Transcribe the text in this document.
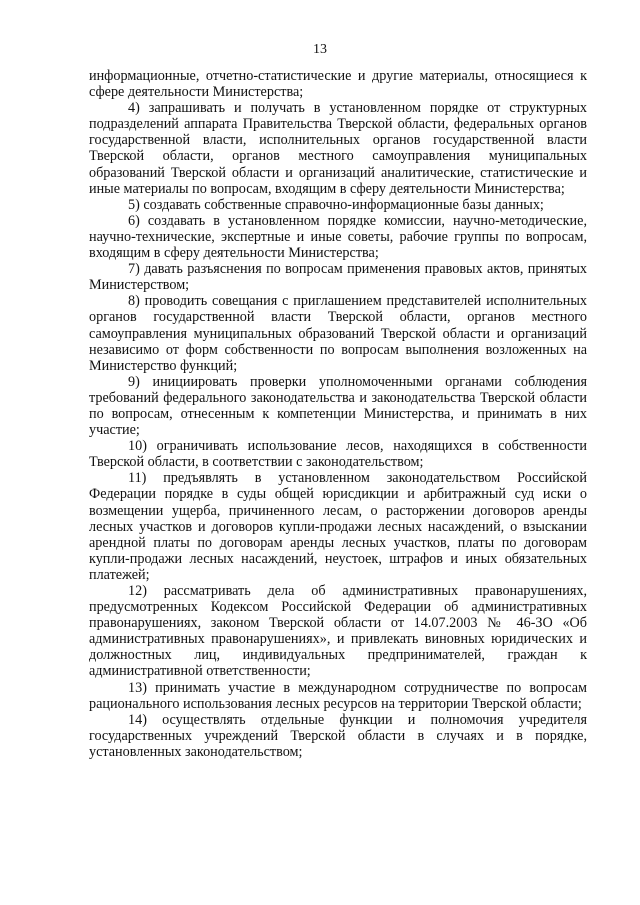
13

информационные, отчетно-статистические и другие материалы, относящиеся к сфере деятельности Министерства;

4) запрашивать и получать в установленном порядке от структурных подразделений аппарата Правительства Тверской области, федеральных органов государственной власти, исполнительных органов государственной власти Тверской области, органов местного самоуправления муниципальных образований Тверской области и организаций аналитические, статистические и иные материалы по вопросам, входящим в сферу деятельности Министерства;

5) создавать собственные справочно-информационные базы данных;

6) создавать в установленном порядке комиссии, научно-методические, научно-технические, экспертные и иные советы, рабочие группы по вопросам, входящим в сферу деятельности Министерства;

7) давать разъяснения по вопросам применения правовых актов, принятых Министерством;

8) проводить совещания с приглашением представителей исполнительных органов государственной власти Тверской области, органов местного самоуправления муниципальных образований Тверской области и организаций независимо от форм собственности по вопросам выполнения возложенных на Министерство функций;

9) инициировать проверки уполномоченными органами соблюдения требований федерального законодательства и законодательства Тверской области по вопросам, отнесенным к компетенции Министерства, и принимать в них участие;

10) ограничивать использование лесов, находящихся в собственности Тверской области, в соответствии с законодательством;

11) предъявлять в установленном законодательством Российской Федерации порядке в суды общей юрисдикции и арбитражный суд иски о возмещении ущерба, причиненного лесам, о расторжении договоров аренды лесных участков и договоров купли-продажи лесных насаждений, о взыскании арендной платы по договорам аренды лесных участков, платы по договорам купли-продажи лесных насаждений, неустоек, штрафов и иных обязательных платежей;

12) рассматривать дела об административных правонарушениях, предусмотренных Кодексом Российской Федерации об административных правонарушениях, законом Тверской области от 14.07.2003 № 46-ЗО «Об административных правонарушениях», и привлекать виновных юридических и должностных лиц, индивидуальных предпринимателей, граждан к административной ответственности;

13) принимать участие в международном сотрудничестве по вопросам рационального использования лесных ресурсов на территории Тверской области;

14) осуществлять отдельные функции и полномочия учредителя государственных учреждений Тверской области в случаях и в порядке, установленных законодательством;
